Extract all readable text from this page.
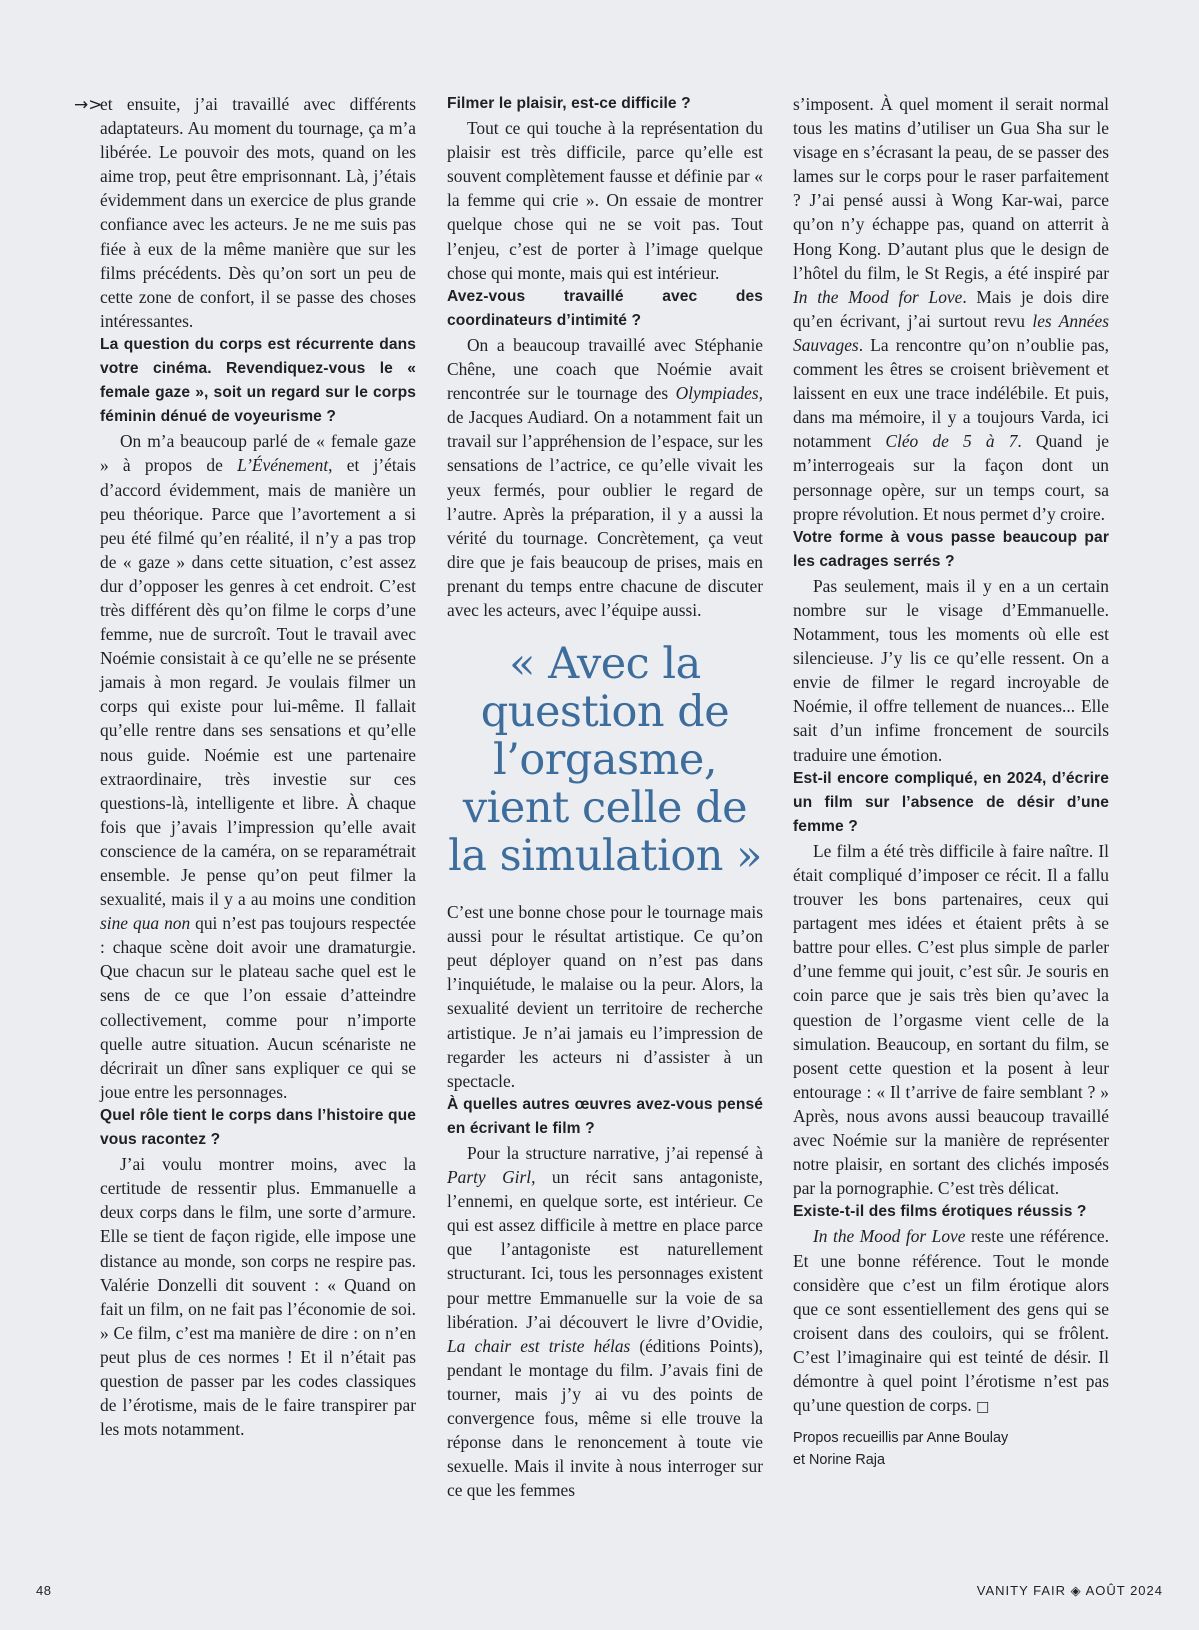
→>

et ensuite, j’ai travaillé avec différents adaptateurs. Au moment du tournage, ça m’a libérée. Le pouvoir des mots, quand on les aime trop, peut être emprisonnant. Là, j’étais évidemment dans un exercice de plus grande confiance avec les acteurs. Je ne me suis pas fiée à eux de la même manière que sur les films précédents. Dès qu’on sort un peu de cette zone de confort, il se passe des choses intéressantes.

La question du corps est récurrente dans votre cinéma. Revendiquez-vous le « female gaze », soit un regard sur le corps féminin dénué de voyeurisme ?

On m’a beaucoup parlé de « female gaze » à propos de L’Événement, et j’étais d’accord évidemment, mais de manière un peu théorique. Parce que l’avortement a si peu été filmé qu’en réalité, il n’y a pas trop de « gaze » dans cette situation, c’est assez dur d’opposer les genres à cet endroit. C’est très différent dès qu’on filme le corps d’une femme, nue de surcroît. Tout le travail avec Noémie consistait à ce qu’elle ne se présente jamais à mon regard. Je voulais filmer un corps qui existe pour lui-même. Il fallait qu’elle rentre dans ses sensations et qu’elle nous guide. Noémie est une partenaire extraordinaire, très investie sur ces questions-là, intelligente et libre. À chaque fois que j’avais l’impression qu’elle avait conscience de la caméra, on se reparamétrait ensemble. Je pense qu’on peut filmer la sexualité, mais il y a au moins une condition sine qua non qui n’est pas toujours respectée : chaque scène doit avoir une dramaturgie. Que chacun sur le plateau sache quel est le sens de ce que l’on essaie d’atteindre collectivement, comme pour n’importe quelle autre situation. Aucun scénariste ne décrirait un dîner sans expliquer ce qui se joue entre les personnages.

Quel rôle tient le corps dans l’histoire que vous racontez ?

J’ai voulu montrer moins, avec la certitude de ressentir plus. Emmanuelle a deux corps dans le film, une sorte d’armure. Elle se tient de façon rigide, elle impose une distance au monde, son corps ne respire pas. Valérie Donzelli dit souvent : « Quand on fait un film, on ne fait pas l’économie de soi. » Ce film, c’est ma manière de dire : on n’en peut plus de ces normes ! Et il n’était pas question de passer par les codes classiques de l’érotisme, mais de le faire transpirer par les mots notamment.

Filmer le plaisir, est-ce difficile ?

Tout ce qui touche à la représentation du plaisir est très difficile, parce qu’elle est souvent complètement fausse et définie par « la femme qui crie ». On essaie de montrer quelque chose qui ne se voit pas. Tout l’enjeu, c’est de porter à l’image quelque chose qui monte, mais qui est intérieur.

Avez-vous travaillé avec des coordinateurs d’intimité ?

On a beaucoup travaillé avec Stéphanie Chêne, une coach que Noémie avait rencontrée sur le tournage des Olympiades, de Jacques Audiard. On a notamment fait un travail sur l’appréhension de l’espace, sur les sensations de l’actrice, ce qu’elle vivait les yeux fermés, pour oublier le regard de l’autre. Après la préparation, il y a aussi la vérité du tournage. Concrètement, ça veut dire que je fais beaucoup de prises, mais en prenant du temps entre chacune de discuter avec les acteurs, avec l’équipe aussi.

« Avec la question de l’orgasme, vient celle de la simulation »

C’est une bonne chose pour le tournage mais aussi pour le résultat artistique. Ce qu’on peut déployer quand on n’est pas dans l’inquiétude, le malaise ou la peur. Alors, la sexualité devient un territoire de recherche artistique. Je n’ai jamais eu l’impression de regarder les acteurs ni d’assister à un spectacle.

À quelles autres œuvres avez-vous pensé en écrivant le film ?

Pour la structure narrative, j’ai repensé à Party Girl, un récit sans antagoniste, l’ennemi, en quelque sorte, est intérieur. Ce qui est assez difficile à mettre en place parce que l’antagoniste est naturellement structurant. Ici, tous les personnages existent pour mettre Emmanuelle sur la voie de sa libération. J’ai découvert le livre d’Ovidie, La chair est triste hélas (éditions Points), pendant le montage du film. J’avais fini de tourner, mais j’y ai vu des points de convergence fous, même si elle trouve la réponse dans le renoncement à toute vie sexuelle. Mais il invite à nous interroger sur ce que les femmes

s’imposent. À quel moment il serait normal tous les matins d’utiliser un Gua Sha sur le visage en s’écrasant la peau, de se passer des lames sur le corps pour le raser parfaitement ? J’ai pensé aussi à Wong Kar-wai, parce qu’on n’y échappe pas, quand on atterrit à Hong Kong. D’autant plus que le design de l’hôtel du film, le St Regis, a été inspiré par In the Mood for Love. Mais je dois dire qu’en écrivant, j’ai surtout revu les Années Sauvages. La rencontre qu’on n’oublie pas, comment les êtres se croisent brièvement et laissent en eux une trace indélébile. Et puis, dans ma mémoire, il y a toujours Varda, ici notamment Cléo de 5 à 7. Quand je m’interrogeais sur la façon dont un personnage opère, sur un temps court, sa propre révolution. Et nous permet d’y croire.

Votre forme à vous passe beaucoup par les cadrages serrés ?

Pas seulement, mais il y en a un certain nombre sur le visage d’Emmanuelle. Notamment, tous les moments où elle est silencieuse. J’y lis ce qu’elle ressent. On a envie de filmer le regard incroyable de Noémie, il offre tellement de nuances... Elle sait d’un infime froncement de sourcils traduire une émotion.

Est-il encore compliqué, en 2024, d’écrire un film sur l’absence de désir d’une femme ?

Le film a été très difficile à faire naître. Il était compliqué d’imposer ce récit. Il a fallu trouver les bons partenaires, ceux qui partagent mes idées et étaient prêts à se battre pour elles. C’est plus simple de parler d’une femme qui jouit, c’est sûr. Je souris en coin parce que je sais très bien qu’avec la question de l’orgasme vient celle de la simulation. Beaucoup, en sortant du film, se posent cette question et la posent à leur entourage : « Il t’arrive de faire semblant ? » Après, nous avons aussi beaucoup travaillé avec Noémie sur la manière de représenter notre plaisir, en sortant des clichés imposés par la pornographie. C’est très délicat.

Existe-t-il des films érotiques réussis ?

In the Mood for Love reste une référence. Et une bonne référence. Tout le monde considère que c’est un film érotique alors que ce sont essentiellement des gens qui se croisent dans des couloirs, qui se frôlent. C’est l’imaginaire qui est teinté de désir. Il démontre à quel point l’érotisme n’est pas qu’une question de corps. □

Propos recueillis par Anne Boulay
et Norine Raja
48	VANITY FAIR ◈ AOÛT 2024
